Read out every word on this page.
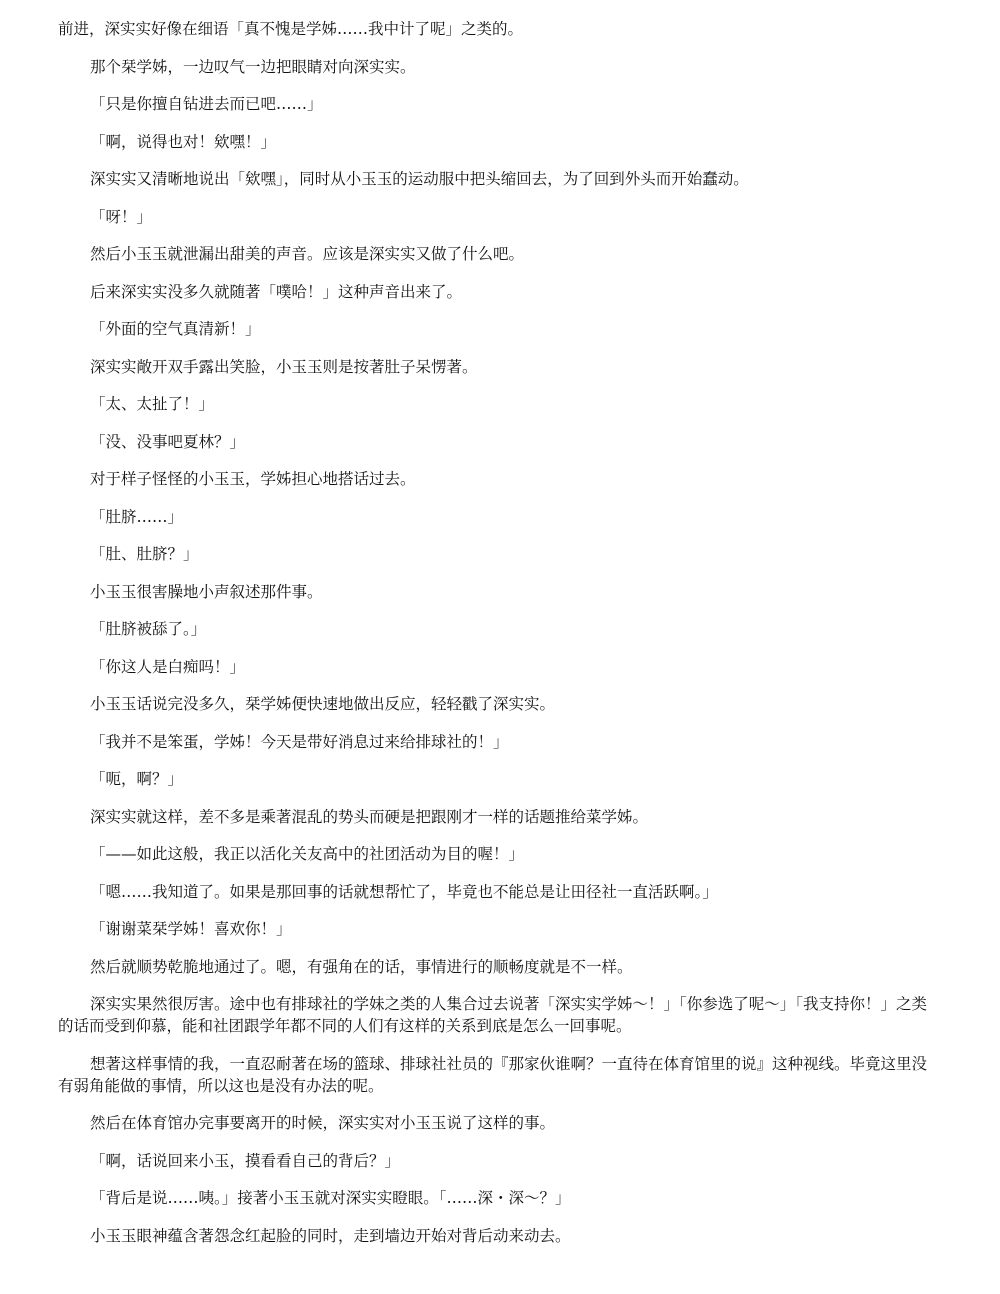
前进，深实实好像在细语「真不愧是学姊……我中计了呢」之类的。

那个栞学姊，一边叹气一边把眼睛对向深实实。

「只是你擅自钻进去而已吧……」

「啊，说得也对！欸嘿！」

深实实又清晰地说出「欸嘿」，同时从小玉玉的运动服中把头缩回去，为了回到外头而开始蠢动。

「呀！」

然后小玉玉就泄漏出甜美的声音。应该是深实实又做了什么吧。

后来深实实没多久就随著「噗哈！」这种声音出来了。

「外面的空气真清新！」

深实实敞开双手露出笑脸，小玉玉则是按著肚子呆愣著。

「太、太扯了！」

「没、没事吧夏林？」

对于样子怪怪的小玉玉，学姊担心地搭话过去。

「肚脐……」

「肚、肚脐？」

小玉玉很害臊地小声叙述那件事。

「肚脐被舔了。」

「你这人是白痴吗！」

小玉玉话说完没多久，栞学姊便快速地做出反应，轻轻戳了深实实。

「我并不是笨蛋，学姊！今天是带好消息过来给排球社的！」

「呃，啊？」

深实实就这样，差不多是乘著混乱的势头而硬是把跟刚才一样的话题推给菜学姊。

「——如此这般，我正以活化关友高中的社团活动为目的喔！」

「嗯……我知道了。如果是那回事的话就想帮忙了，毕竟也不能总是让田径社一直活跃啊。」

「谢谢菜栞学姊！喜欢你！」

然后就顺势乾脆地通过了。嗯，有强角在的话，事情进行的顺畅度就是不一样。

深实实果然很厉害。途中也有排球社的学妹之类的人集合过去说著「深实实学姊～！」「你参选了呢～」「我支持你！」之类的话而受到仰慕，能和社团跟学年都不同的人们有这样的关系到底是怎么一回事呢。

想著这样事情的我，一直忍耐著在场的篮球、排球社社员的『那家伙谁啊？一直待在体育馆里的说』这种视线。毕竟这里没有弱角能做的事情，所以这也是没有办法的呢。

然后在体育馆办完事要离开的时候，深实实对小玉玉说了这样的事。

「啊，话说回来小玉，摸看看自己的背后？」

「背后是说……咦。」接著小玉玉就对深实实瞪眼。「……深・深～？」

小玉玉眼神蕴含著怨念红起脸的同时，走到墙边开始对背后动来动去。
